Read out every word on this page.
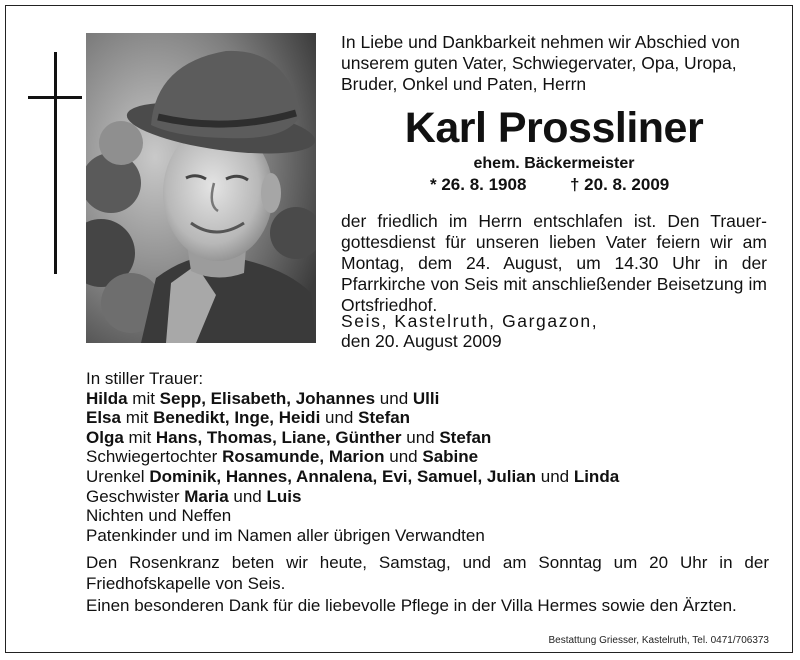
In Liebe und Dankbarkeit nehmen wir Abschied von unserem guten Vater, Schwiegervater, Opa, Uropa, Bruder, Onkel und Paten, Herrn

Karl Prossliner
ehem. Bäckermeister
* 26. 8. 1908	† 20. 8. 2009

der friedlich im Herrn entschlafen ist. Den Trauergottesdienst für unseren lieben Vater feiern wir am Montag, dem 24. August, um 14.30 Uhr in der Pfarrkirche von Seis mit anschließender Beisetzung im Ortsfriedhof.

Seis, Kastelruth, Gargazon,
den 20. August 2009
In stiller Trauer:
Hilda mit Sepp, Elisabeth, Johannes und Ulli
Elsa mit Benedikt, Inge, Heidi und Stefan
Olga mit Hans, Thomas, Liane, Günther und Stefan
Schwiegertochter Rosamunde, Marion und Sabine
Urenkel Dominik, Hannes, Annalena, Evi, Samuel, Julian und Linda
Geschwister Maria und Luis
Nichten und Neffen
Patenkinder und im Namen aller übrigen Verwandten

Den Rosenkranz beten wir heute, Samstag, und am Sonntag um 20 Uhr in der Friedhofskapelle von Seis.

Einen besonderen Dank für die liebevolle Pflege in der Villa Hermes sowie den Ärzten.

Bestattung Griesser, Kastelruth, Tel. 0471/706373
